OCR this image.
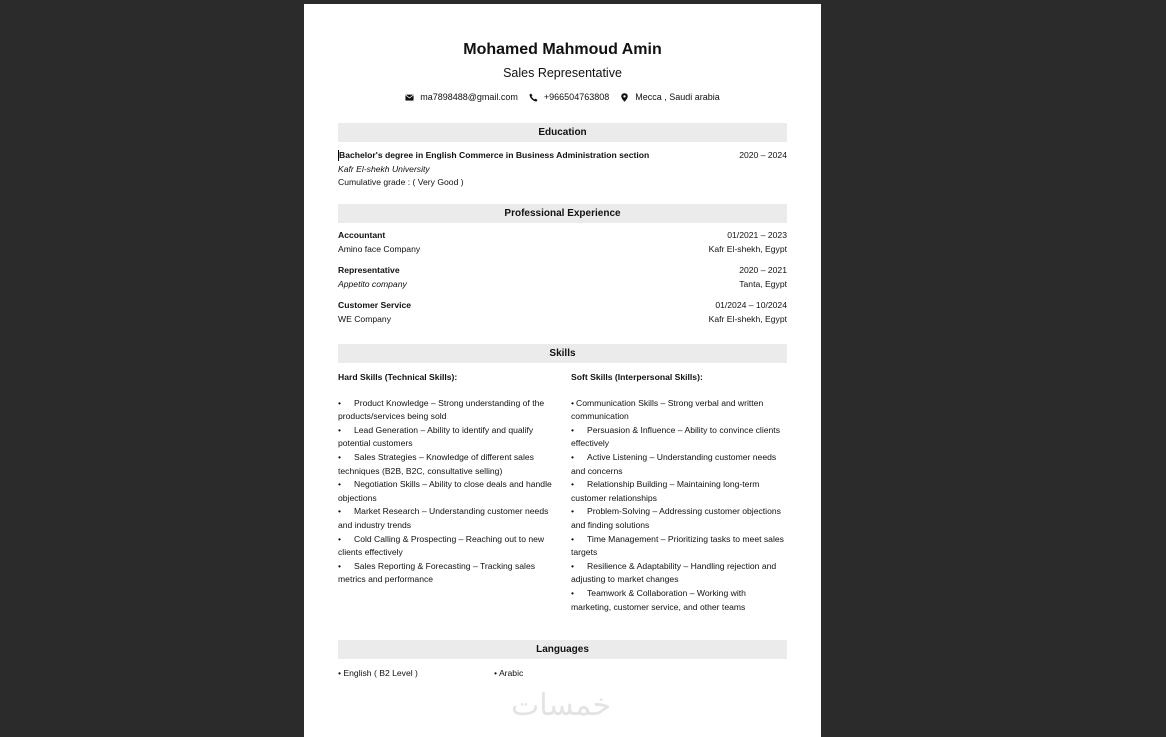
Mohamed Mahmoud Amin
Sales Representative
ma7898488@gmail.com	+966504763808	Mecca , Saudi arabia
Education
Bachelor's degree in English Commerce in Business Administration section	2020 – 2024
Kafr El-shekh University
Cumulative grade : ( Very Good )
Professional Experience
Accountant	01/2021 – 2023
Amino face Company	Kafr El-shekh, Egypt
Representative	2020 – 2021
Appetito company	Tanta, Egypt
Customer Service	01/2024 – 10/2024
WE Company	Kafr El-shekh, Egypt
Skills
Hard Skills (Technical Skills):
• Product Knowledge – Strong understanding of the products/services being sold
• Lead Generation – Ability to identify and qualify potential customers
• Sales Strategies – Knowledge of different sales techniques (B2B, B2C, consultative selling)
• Negotiation Skills – Ability to close deals and handle objections
• Market Research – Understanding customer needs and industry trends
• Cold Calling & Prospecting – Reaching out to new clients effectively
• Sales Reporting & Forecasting – Tracking sales metrics and performance
Soft Skills (Interpersonal Skills):
• Communication Skills – Strong verbal and written communication
• Persuasion & Influence – Ability to convince clients effectively
• Active Listening – Understanding customer needs and concerns
• Relationship Building – Maintaining long-term customer relationships
• Problem-Solving – Addressing customer objections and finding solutions
• Time Management – Prioritizing tasks to meet sales targets
• Resilience & Adaptability – Handling rejection and adjusting to market changes
• Teamwork & Collaboration – Working with marketing, customer service, and other teams
Languages
• English ( B2 Level )	• Arabic
خمسات
